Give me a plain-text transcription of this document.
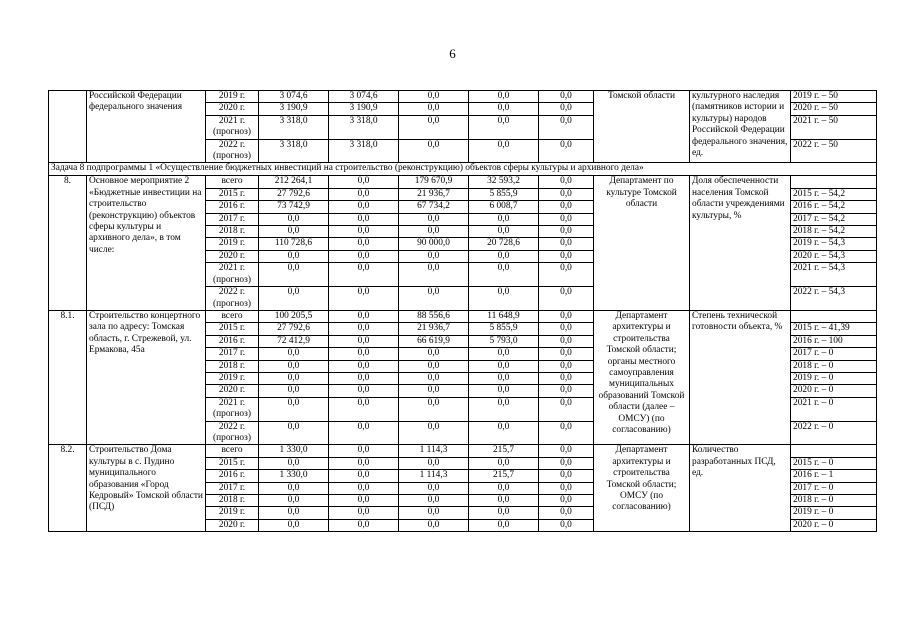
6
	Российской Федерации федерального значения	2019 г.	3 074,6	3 074,6	0,0	0,0	0,0	Томской области	культурного наследия (памятников истории и культуры) народов Российской Федерации федерального значения, ед.	2019 г. – 50
		2020 г.	3 190,9	3 190,9	0,0	0,0	0,0			2020 г. – 50
		2021 г. (прогноз)	3 318,0	3 318,0	0,0	0,0	0,0			2021 г. – 50
		2022 г. (прогноз)	3 318,0	3 318,0	0,0	0,0	0,0			2022 г. – 50
Задача 8 подпрограммы 1 «Осуществление бюджетных инвестиций на строительство (реконструкцию) объектов сферы культуры и архивного дела»										
8.	Основное мероприятие 2 «Бюджетные инвестиции на строительство (реконструкцию) объектов сферы культуры и архивного дела», в том числе:	всего	212 264,1	0,0	179 670,9	32 593,2	0,0	Департамент по культуре Томской области	Доля обеспеченности населения Томской области учреждениями культуры, %	
		2015 г.	27 792,6	0,0	21 936,7	5 855,9	0,0			2015 г. – 54,2
		2016 г.	73 742,9	0,0	67 734,2	6 008,7	0,0			2016 г. – 54,2
		2017 г.	0,0	0,0	0,0	0,0	0,0			2017 г. – 54,2
		2018 г.	0,0	0,0	0,0	0,0	0,0			2018 г. – 54,2
		2019 г.	110 728,6	0,0	90 000,0	20 728,6	0,0			2019 г. – 54,3
		2020 г.	0,0	0,0	0,0	0,0	0,0			2020 г. – 54,3
		2021 г. (прогноз)	0,0	0,0	0,0	0,0	0,0			2021 г. – 54,3
		2022 г. (прогноз)	0,0	0,0	0,0	0,0	0,0			2022 г. – 54,3
8.1.	Строительство концертного зала по адресу: Томская область, г. Стрежевой, ул. Ермакова, 45а	всего	100 205,5	0,0	88 556,6	11 648,9	0,0	Департамент архитектуры и строительства Томской области; органы местного самоуправления муниципальных образований Томской области (далее – ОМСУ) (по согласованию)	Степень технической готовности объекта, %	
		2015 г.	27 792,6	0,0	21 936,7	5 855,9	0,0			2015 г. – 41,39
		2016 г.	72 412,9	0,0	66 619,9	5 793,0	0,0			2016 г. – 100
		2017 г.	0,0	0,0	0,0	0,0	0,0			2017 г. – 0
		2018 г.	0,0	0,0	0,0	0,0	0,0			2018 г. – 0
		2019 г.	0,0	0,0	0,0	0,0	0,0			2019 г. – 0
		2020 г.	0,0	0,0	0,0	0,0	0,0			2020 г. – 0
		2021 г. (прогноз)	0,0	0,0	0,0	0,0	0,0			2021 г. – 0
		2022 г. (прогноз)	0,0	0,0	0,0	0,0	0,0			2022 г. – 0
8.2.	Строительство Дома культуры в с. Пудино муниципального образования «Город Кедровый» Томской области (ПСД)	всего	1 330,0	0,0	1 114,3	215,7	0,0	Департамент архитектуры и строительства Томской области; ОМСУ (по согласованию)	Количество разработанных ПСД, ед.	
		2015 г.	0,0	0,0	0,0	0,0	0,0			2015 г. – 0
		2016 г.	1 330,0	0,0	1 114,3	215,7	0,0			2016 г. – 1
		2017 г.	0,0	0,0	0,0	0,0	0,0			2017 г. – 0
		2018 г.	0,0	0,0	0,0	0,0	0,0			2018 г. – 0
		2019 г.	0,0	0,0	0,0	0,0	0,0			2019 г. – 0
		2020 г.	0,0	0,0	0,0	0,0	0,0			2020 г. – 0
